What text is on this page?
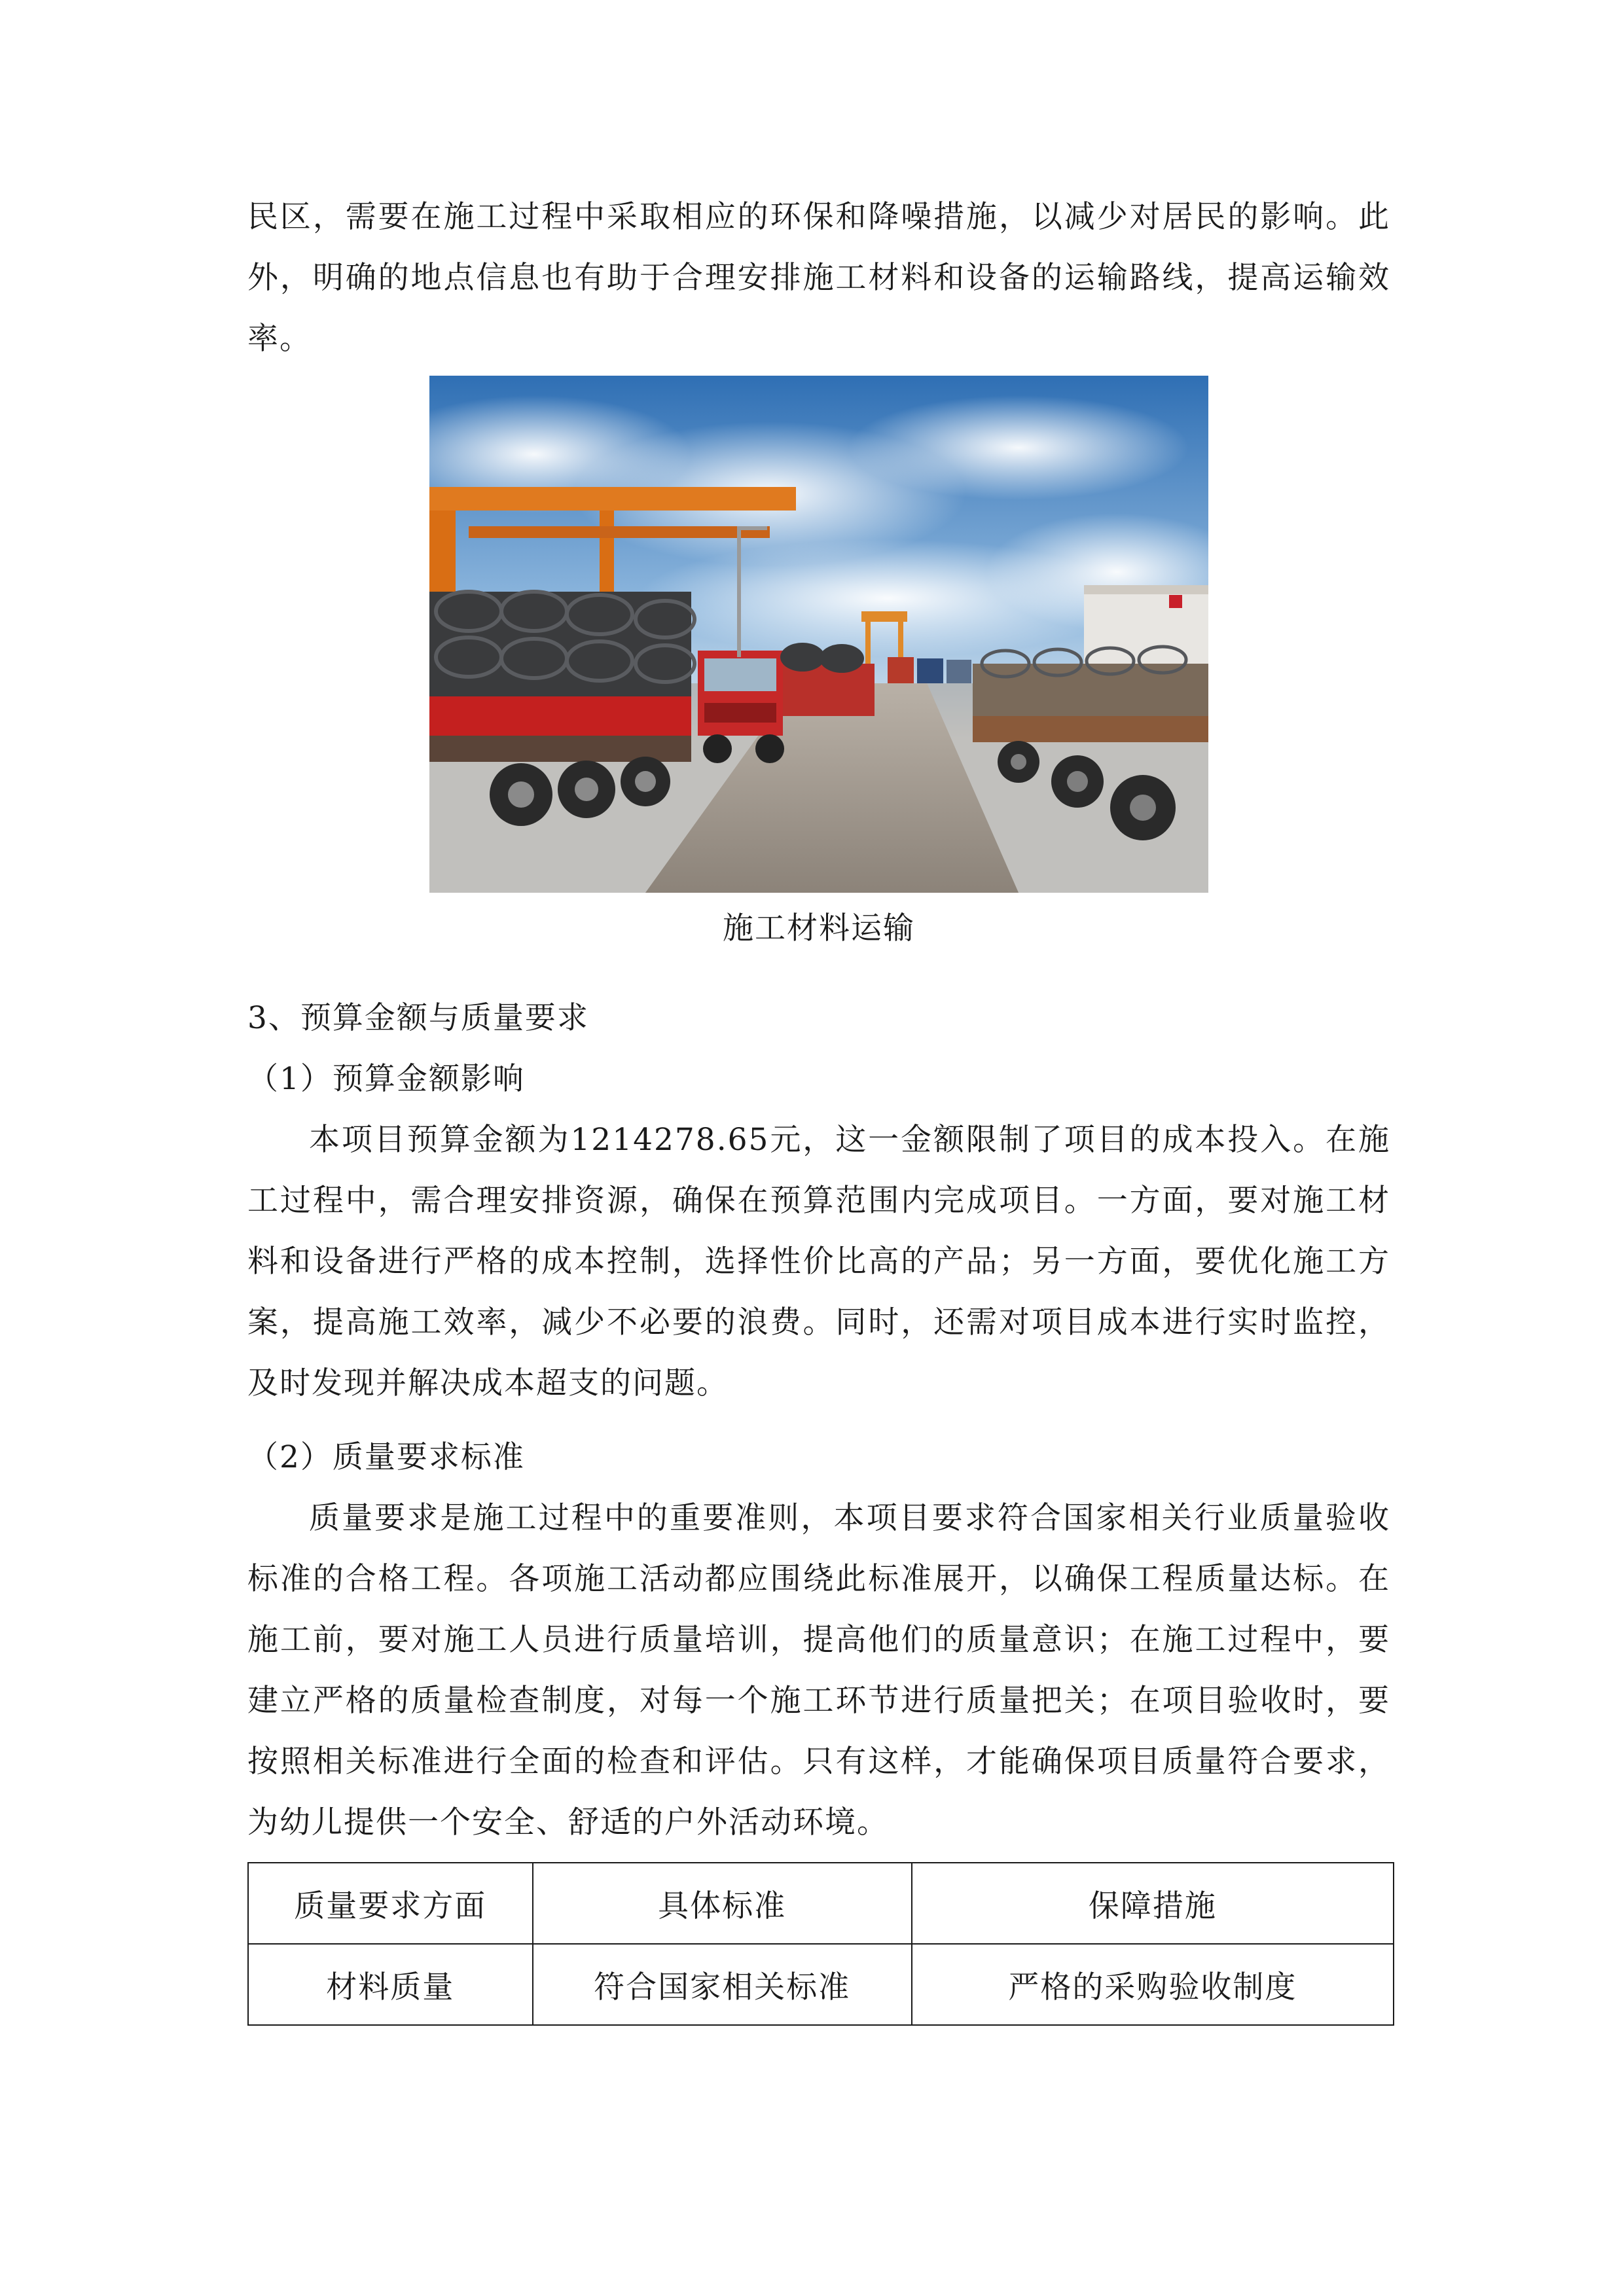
民区，需要在施工过程中采取相应的环保和降噪措施，以减少对居民的影响。此外，明确的地点信息也有助于合理安排施工材料和设备的运输路线，提高运输效率。

施工材料运输

3、预算金额与质量要求

（1）预算金额影响

本项目预算金额为1214278.65元，这一金额限制了项目的成本投入。在施工过程中，需合理安排资源，确保在预算范围内完成项目。一方面，要对施工材料和设备进行严格的成本控制，选择性价比高的产品；另一方面，要优化施工方案，提高施工效率，减少不必要的浪费。同时，还需对项目成本进行实时监控，及时发现并解决成本超支的问题。

（2）质量要求标准

质量要求是施工过程中的重要准则，本项目要求符合国家相关行业质量验收标准的合格工程。各项施工活动都应围绕此标准展开，以确保工程质量达标。在施工前，要对施工人员进行质量培训，提高他们的质量意识；在施工过程中，要建立严格的质量检查制度，对每一个施工环节进行质量把关；在项目验收时，要按照相关标准进行全面的检查和评估。只有这样，才能确保项目质量符合要求，为幼儿提供一个安全、舒适的户外活动环境。

质量要求方面	具体标准	保障措施
材料质量	符合国家相关标准	严格的采购验收制度
